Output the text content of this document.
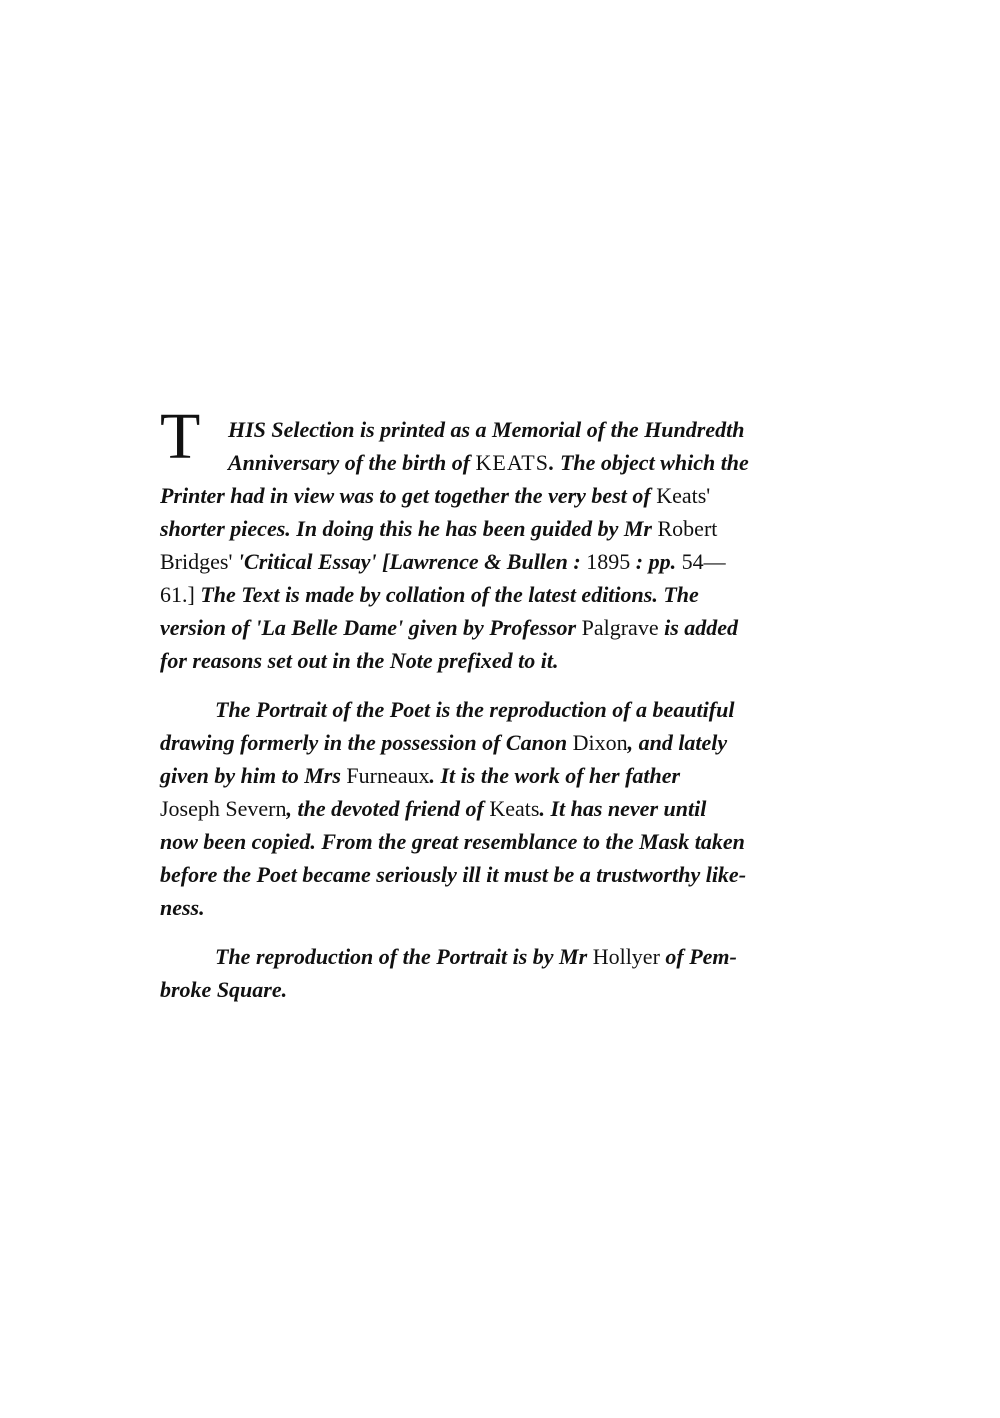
T HIS Selection is printed as a Memorial of the Hundredth
Anniversary of the birth of KEATS. The object which the
Printer had in view was to get together the very best of Keats'
shorter pieces. In doing this he has been guided by Mr Robert
Bridges' 'Critical Essay' [Lawrence & Bullen : 1895 : pp. 54—
61.] The Text is made by collation of the latest editions. The
version of 'La Belle Dame' given by Professor Palgrave is added
for reasons set out in the Note prefixed to it.
The Portrait of the Poet is the reproduction of a beautiful
drawing formerly in the possession of Canon Dixon, and lately
given by him to Mrs Furneaux. It is the work of her father
Joseph Severn, the devoted friend of Keats. It has never until
now been copied. From the great resemblance to the Mask taken
before the Poet became seriously ill it must be a trustworthy like-
ness.
The reproduction of the Portrait is by Mr Hollyer of Pem-
broke Square.
